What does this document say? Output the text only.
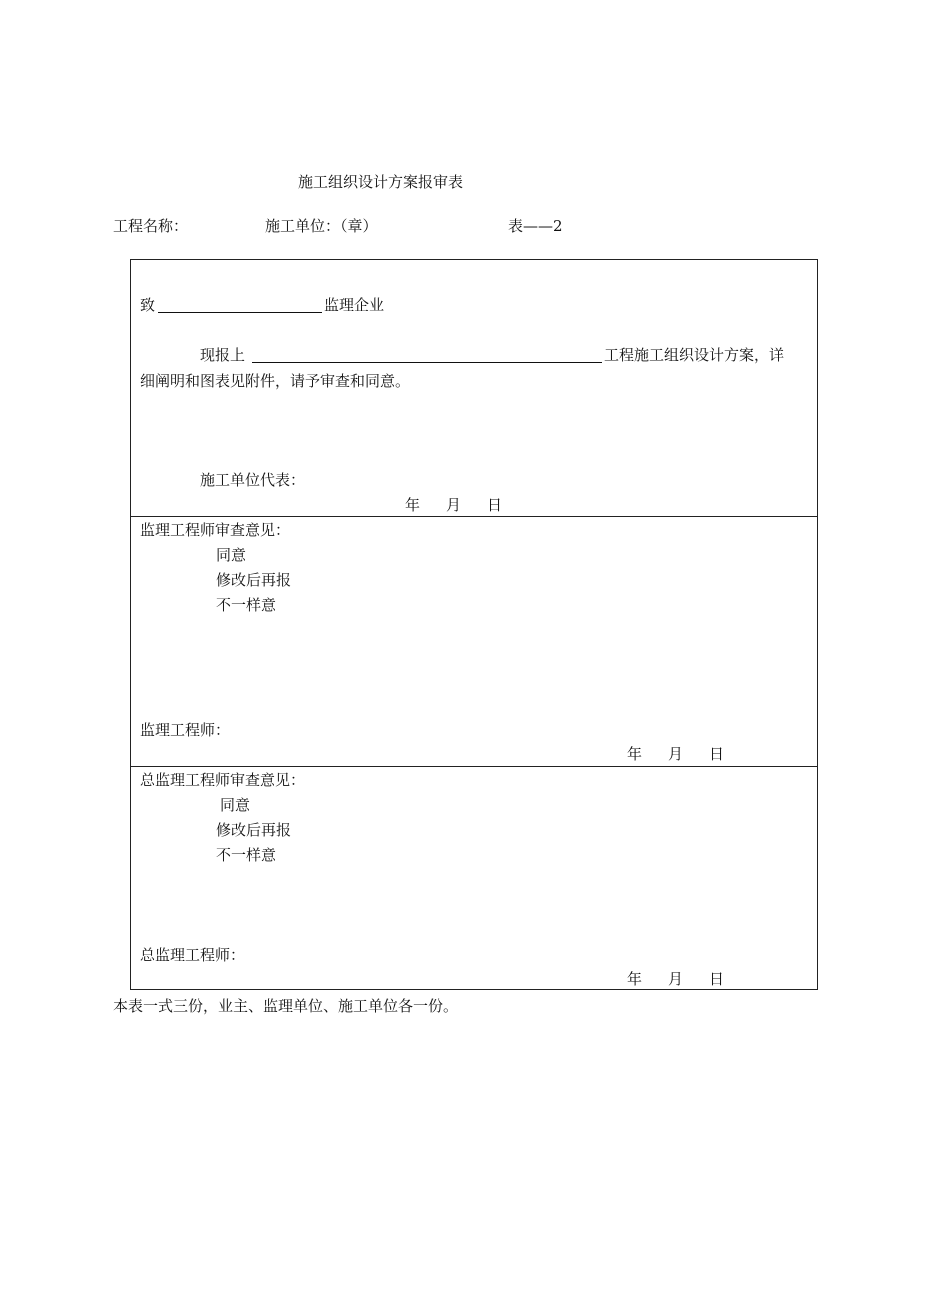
施工组织设计方案报审表
工程名称：	施工单位：（章）	表——2
致	监理企业
现报上	工程施工组织设计方案，详
细阐明和图表见附件，请予审查和同意。
施工单位代表：
年 月 日
监理工程师审查意见：
同意
修改后再报
不一样意
监理工程师：
年 月 日
总监理工程师审查意见：
同意
修改后再报
不一样意
总监理工程师：
年 月 日
本表一式三份，业主、监理单位、施工单位各一份。
